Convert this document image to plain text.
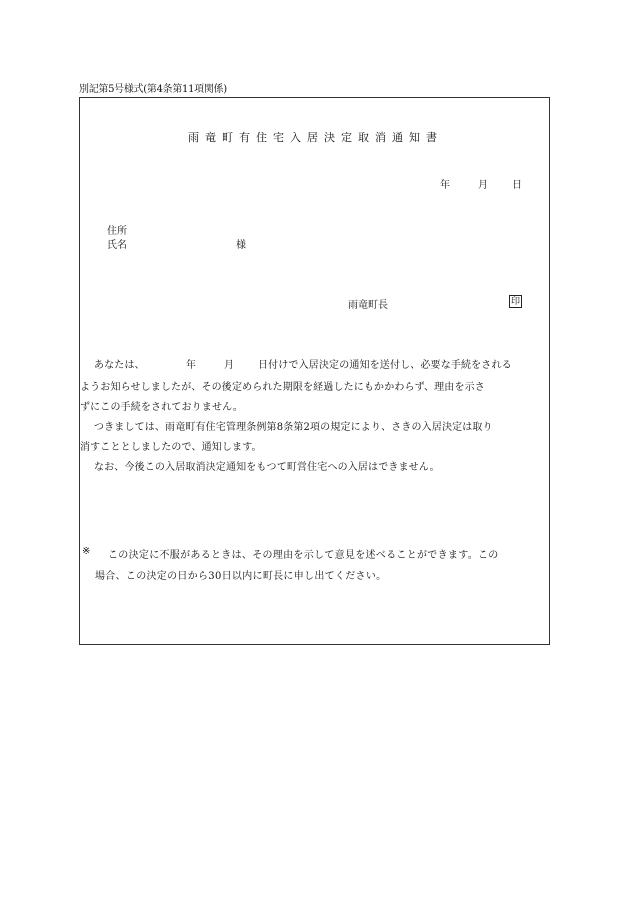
別記第5号様式(第4条第11項関係)
雨竜町有住宅入居決定取消通知書
年	月 日
住所
氏名	様
雨竜町長	印
あなたは、	年	月 日付けで入居決定の通知を送付し、必要な手続をされる
ようお知らせしましたが、その後定められた期限を経過したにもかかわらず、理由を示さ
ずにこの手続をされておりません。
つきましては、雨竜町有住宅管理条例第8条第2項の規定により、さきの入居決定は取り
消すこととしましたので、通知します。
なお、今後この入居取消決定通知をもつて町営住宅への入居はできません。
※ この決定に不服があるときは、その理由を示して意見を述べることができます。この
場合、この決定の日から30日以内に町長に申し出てください。
